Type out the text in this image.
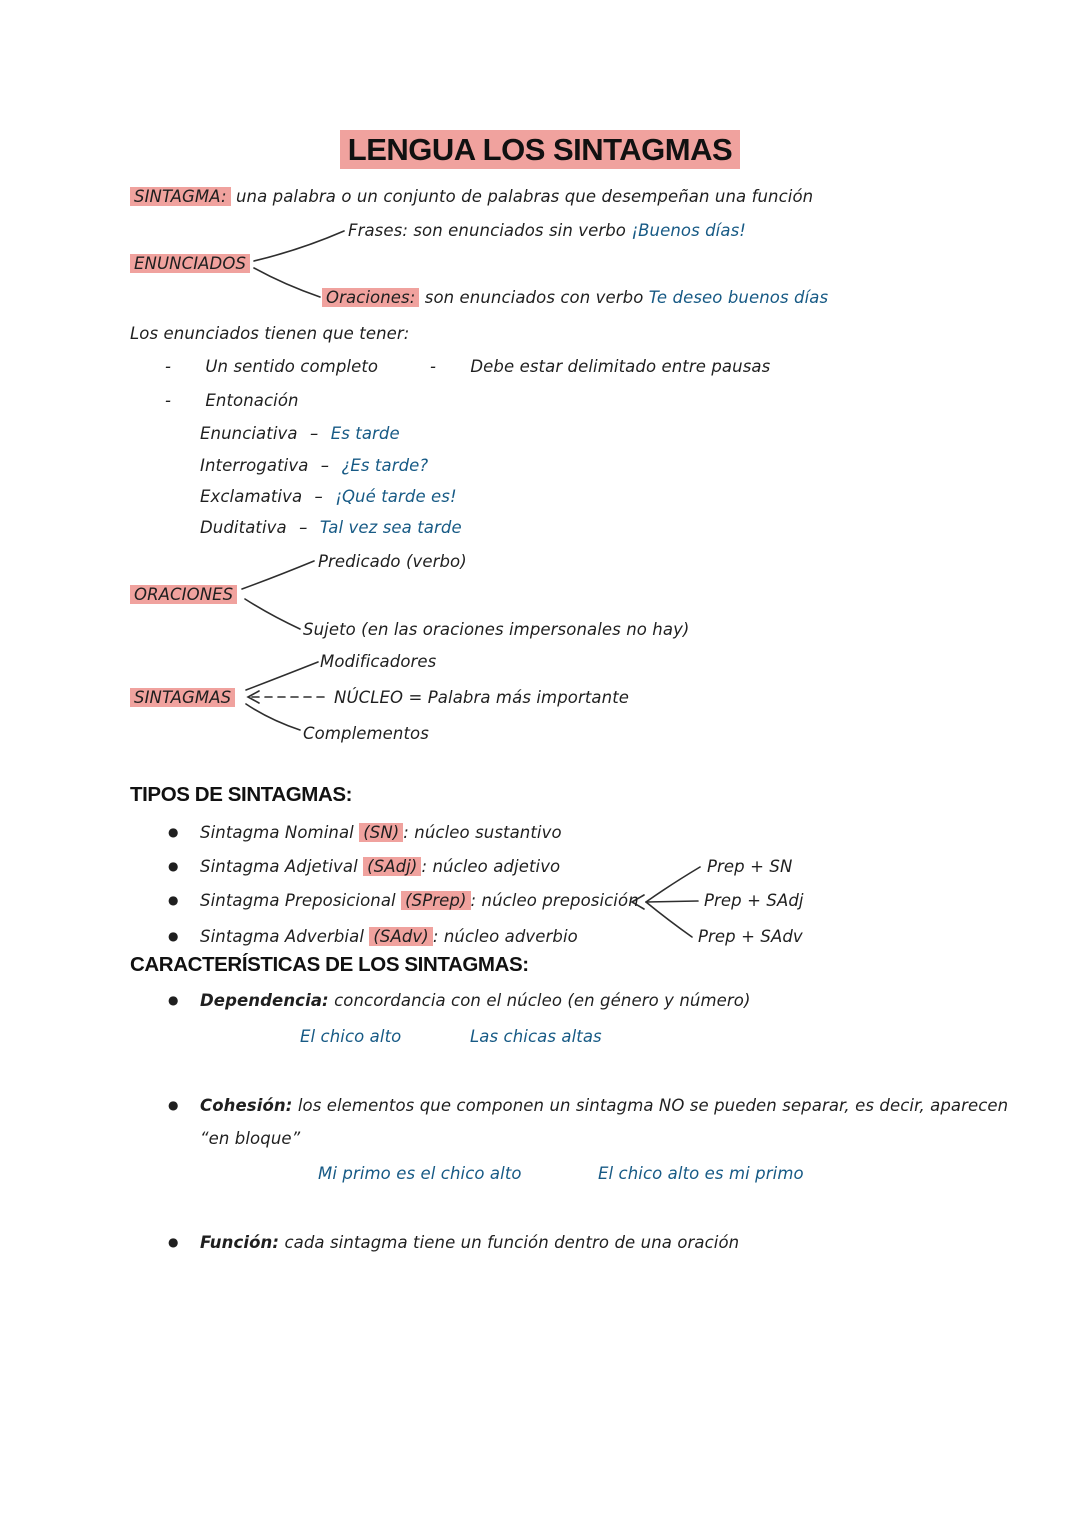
LENGUA LOS SINTAGMAS
SINTAGMA: una palabra o un conjunto de palabras que desempeñan una función
Frases: son enunciados sin verbo ¡Buenos días!
ENUNCIADOS
Oraciones: son enunciados con verbo Te deseo buenos días
Los enunciados tienen que tener:
- Un sentido completo	- Debe estar delimitado entre pausas
- Entonación
Enunciativa – Es tarde
Interrogativa – ¿Es tarde?
Exclamativa – ¡Qué tarde es!
Duditativa – Tal vez sea tarde
Predicado (verbo)
ORACIONES
Sujeto (en las oraciones impersonales no hay)
Modificadores
SINTAGMAS	NÚCLEO = Palabra más importante
Complementos
TIPOS DE SINTAGMAS:
● Sintagma Nominal (SN) : núcleo sustantivo
● Sintagma Adjetival (SAdj) : núcleo adjetivo
● Sintagma Preposicional (SPrep) : núcleo preposición
● Sintagma Adverbial (SAdv) : núcleo adverbio
Prep + SN
Prep + SAdj
Prep + SAdv
CARACTERÍSTICAS DE LOS SINTAGMAS:
● Dependencia: concordancia con el núcleo (en género y número)
El chico alto	Las chicas altas
● Cohesión: los elementos que componen un sintagma NO se pueden separar, es decir, aparecen
“en bloque”
Mi primo es el chico alto	El chico alto es mi primo
● Función: cada sintagma tiene un función dentro de una oración
